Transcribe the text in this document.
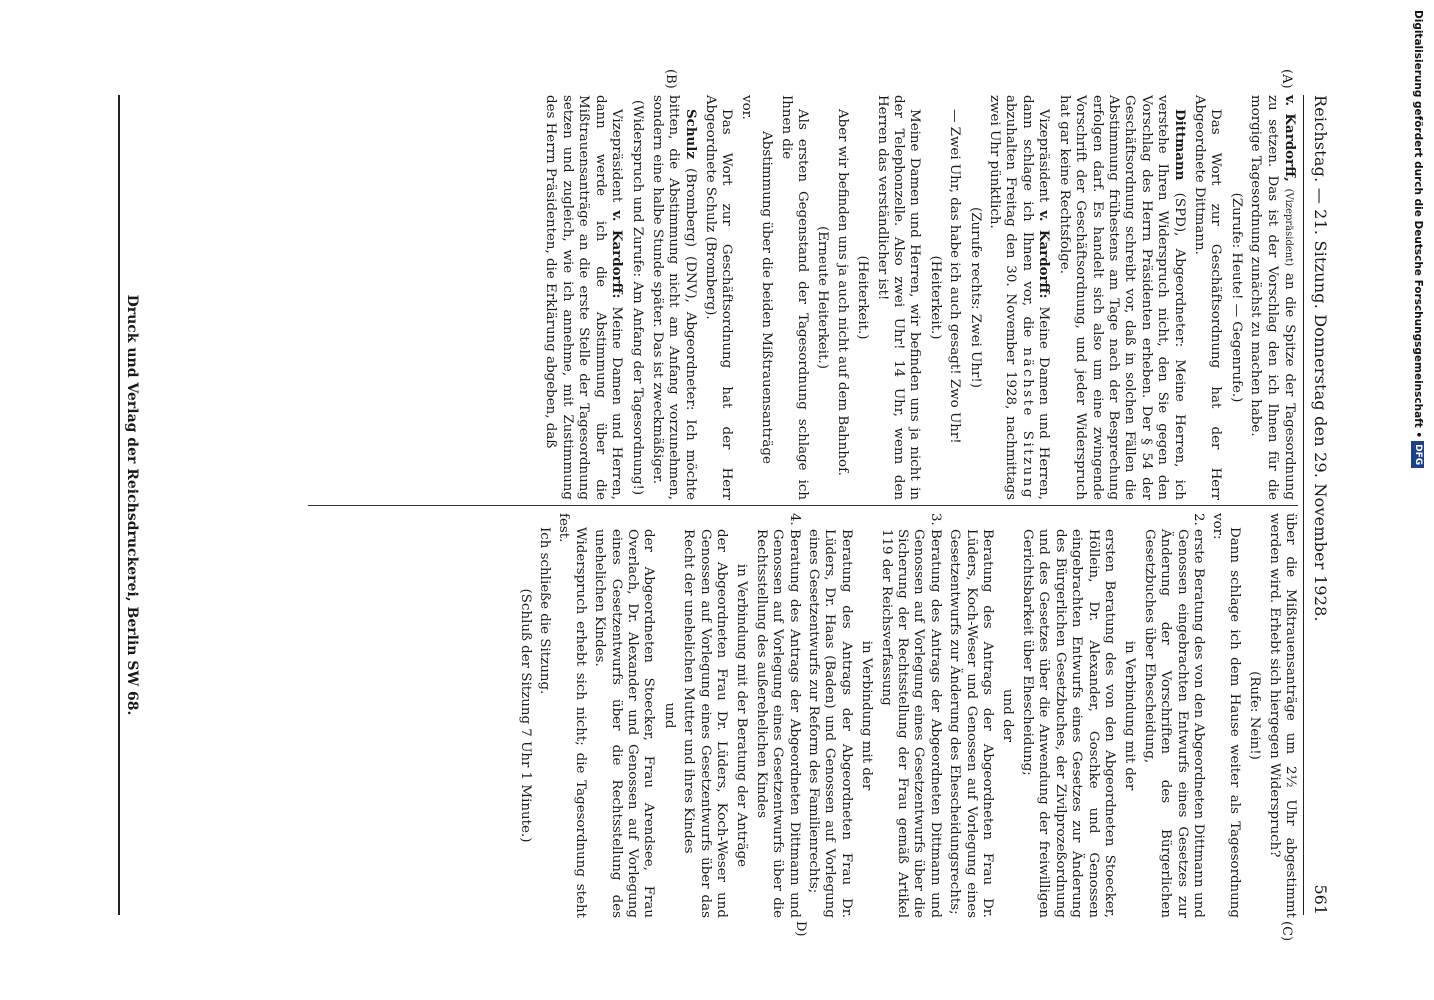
Reichstag. — 21. Sitzung. Donnerstag den 29. November 1928.
561
(A)
(B)
(C)
D)

v. Kardorff, (Vizepräsident) an die Spitze der Tagesordnung zu setzen. Das ist der Vorschlag den ich Ihnen für die morgige Tagesordnung zunächst zu machen habe.

(Zurufe: Heute! — Gegenrufe.)

Das Wort zur Geschäftsordnung hat der Herr Abgeordnete Dittmann.

Dittmann (SPD), Abgeordneter: Meine Herren, ich verstehe Ihren Widerspruch nicht, den Sie gegen den Vorschlag des Herrn Präsidenten erheben. Der § 54 der Geschäftsordnung schreibt vor, daß in solchen Fällen die Abstimmung frühestens am Tage nach der Besprechung erfolgen darf. Es handelt sich also um eine zwingende Vorschrift der Geschäftsordnung, und jeder Widerspruch hat gar keine Rechtsfolge.

Vizepräsident v. Kardorff: Meine Damen und Herren, dann schlage ich Ihnen vor, die nächste Sitzung abzuhalten Freitag den 30. November 1928, nachmittags zwei Uhr pünktlich.

(Zurufe rechts: Zwei Uhr!)

— Zwei Uhr, das habe ich auch gesagt! Zwo Uhr!

(Heiterkeit.)

Meine Damen und Herren, wir befinden uns ja nicht in der Telephonzelle. Also zwei Uhr! 14 Uhr, wenn den Herren das verständlicher ist!

(Heiterkeit.)

Aber wir befinden uns ja auch nicht auf dem Bahnhof.

(Erneute Heiterkeit.)

Als ersten Gegenstand der Tagesordnung schlage ich Ihnen die

Abstimmung über die beiden Mißtrauensanträge

vor.

Das Wort zur Geschäftsordnung hat der Herr Abgeordnete Schulz (Bromberg).

Schulz (Bromberg) (DNV), Abgeordneter: Ich möchte bitten, die Abstimmung nicht am Anfang vorzunehmen, sondern eine halbe Stunde später. Das ist zweckmäßiger.

(Widerspruch und Zurufe: Am Anfang der Tagesordnung!)

Vizepräsident v. Kardorff: Meine Damen und Herren, dann werde ich die Abstimmung über die Mißtrauensanträge an die erste Stelle der Tagesordnung setzen und zugleich, wie ich annehme, mit Zustimmung des Herrn Präsidenten, die Erklärung abgeben, daß

über die Mißtrauensanträge um 2½ Uhr abgestimmt werden wird. Erhebt sich hiergegen Widerspruch?

(Rufe: Nein!)

Dann schlage ich dem Hause weiter als Tagesordnung vor:

2.erste Beratung des von den Abgeordneten Dittmann und Genossen eingebrachten Entwurfs eines Gesetzes zur Änderung der Vorschriften des Bürgerlichen Gesetzbuches über Ehescheidung,

in Verbindung mit der

ersten Beratung des von den Abgeordneten Stoecker, Höllein, Dr. Alexander, Goschke und Genossen eingebrachten Entwurfs eines Gesetzes zur Änderung des Bürgerlichen Gesetzbuches, der Zivilprozeßordnung und des Gesetzes über die Anwendung der freiwilligen Gerichtsbarkeit über Ehescheidung;

und der

Beratung des Antrags der Abgeordneten Frau Dr. Lüders, Koch-Weser und Genossen auf Vorlegung eines Gesetzentwurfs zur Änderung des Ehescheidungsrechts;

3.Beratung des Antrags der Abgeordneten Dittmann und Genossen auf Vorlegung eines Gesetzentwurfs über die Sicherung der Rechtsstellung der Frau gemäß Artikel 119 der Reichsverfassung

in Verbindung mit der

Beratung des Antrags der Abgeordneten Frau Dr. Lüders, Dr. Haas (Baden) und Genossen auf Vorlegung eines Gesetzentwurfs zur Reform des Familienrechts;

4.Beratung des Antrags der Abgeordneten Dittmann und Genossen auf Vorlegung eines Gesetzentwurfs über die Rechtsstellung des außerehelichen Kindes

in Verbindung mit der Beratung der Anträge

der Abgeordneten Frau Dr. Lüders, Koch-Weser und Genossen auf Vorlegung eines Gesetzentwurfs über das Recht der unehelichen Mutter und ihres Kindes

und

der Abgeordneten Stoecker, Frau Arendsee, Frau Overlach, Dr. Alexander und Genossen auf Vorlegung eines Gesetzentwurfs über die Rechtsstellung des unehelichen Kindes.

Widerspruch erhebt sich nicht; die Tagesordnung steht fest.

Ich schließe die Sitzung.

(Schluß der Sitzung 7 Uhr 1 Minute.)

Druck und Verlag der Reichsdruckerei, Berlin SW 68.
Digitalisierung gefördert durch die Deutsche Forschungsgemeinschaft •DFG
